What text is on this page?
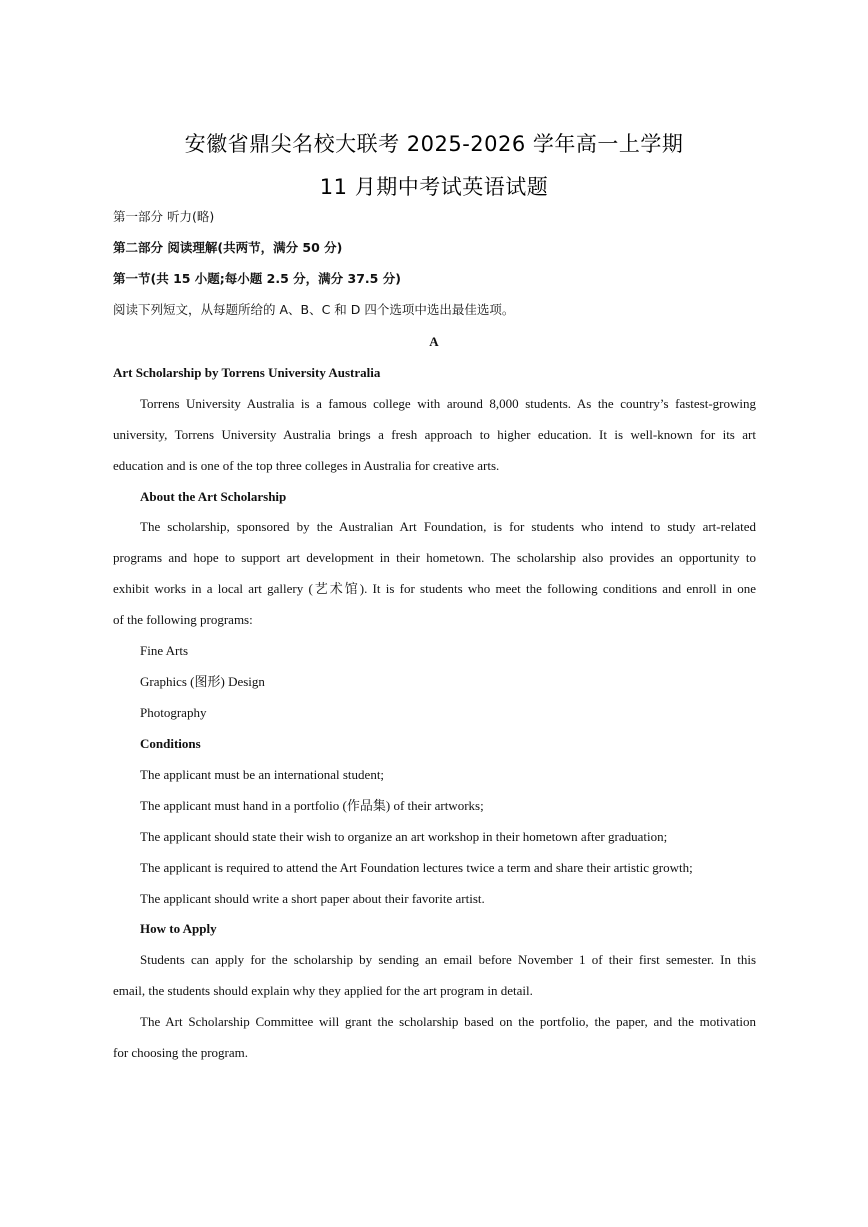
安徽省鼎尖名校大联考 2025-2026 学年高一上学期
11 月期中考试英语试题
第一部分 听力(略)
第二部分 阅读理解(共两节，满分 50 分)
第一节(共 15 小题;每小题 2.5 分，满分 37.5 分)
阅读下列短文，从每题所给的 A、B、C 和 D 四个选项中选出最佳选项。
A
Art Scholarship by Torrens University Australia
Torrens University Australia is a famous college with around 8,000 students. As the country’s fastest-growing
university, Torrens University Australia brings a fresh approach to higher education. It is well-known for its art
education and is one of the top three colleges in Australia for creative arts.
About the Art Scholarship
The scholarship, sponsored by the Australian Art Foundation, is for students who intend to study art-related
programs and hope to support art development in their hometown. The scholarship also provides an opportunity to
exhibit works in a local art gallery (艺术馆). It is for students who meet the following conditions and enroll in one
of the following programs:
Fine Arts
Graphics (图形) Design
Photography
Conditions
The applicant must be an international student;
The applicant must hand in a portfolio (作品集) of their artworks;
The applicant should state their wish to organize an art workshop in their hometown after graduation;
The applicant is required to attend the Art Foundation lectures twice a term and share their artistic growth;
The applicant should write a short paper about their favorite artist.
How to Apply
Students can apply for the scholarship by sending an email before November 1 of their first semester. In this
email, the students should explain why they applied for the art program in detail.
The Art Scholarship Committee will grant the scholarship based on the portfolio, the paper, and the motivation
for choosing the program.
